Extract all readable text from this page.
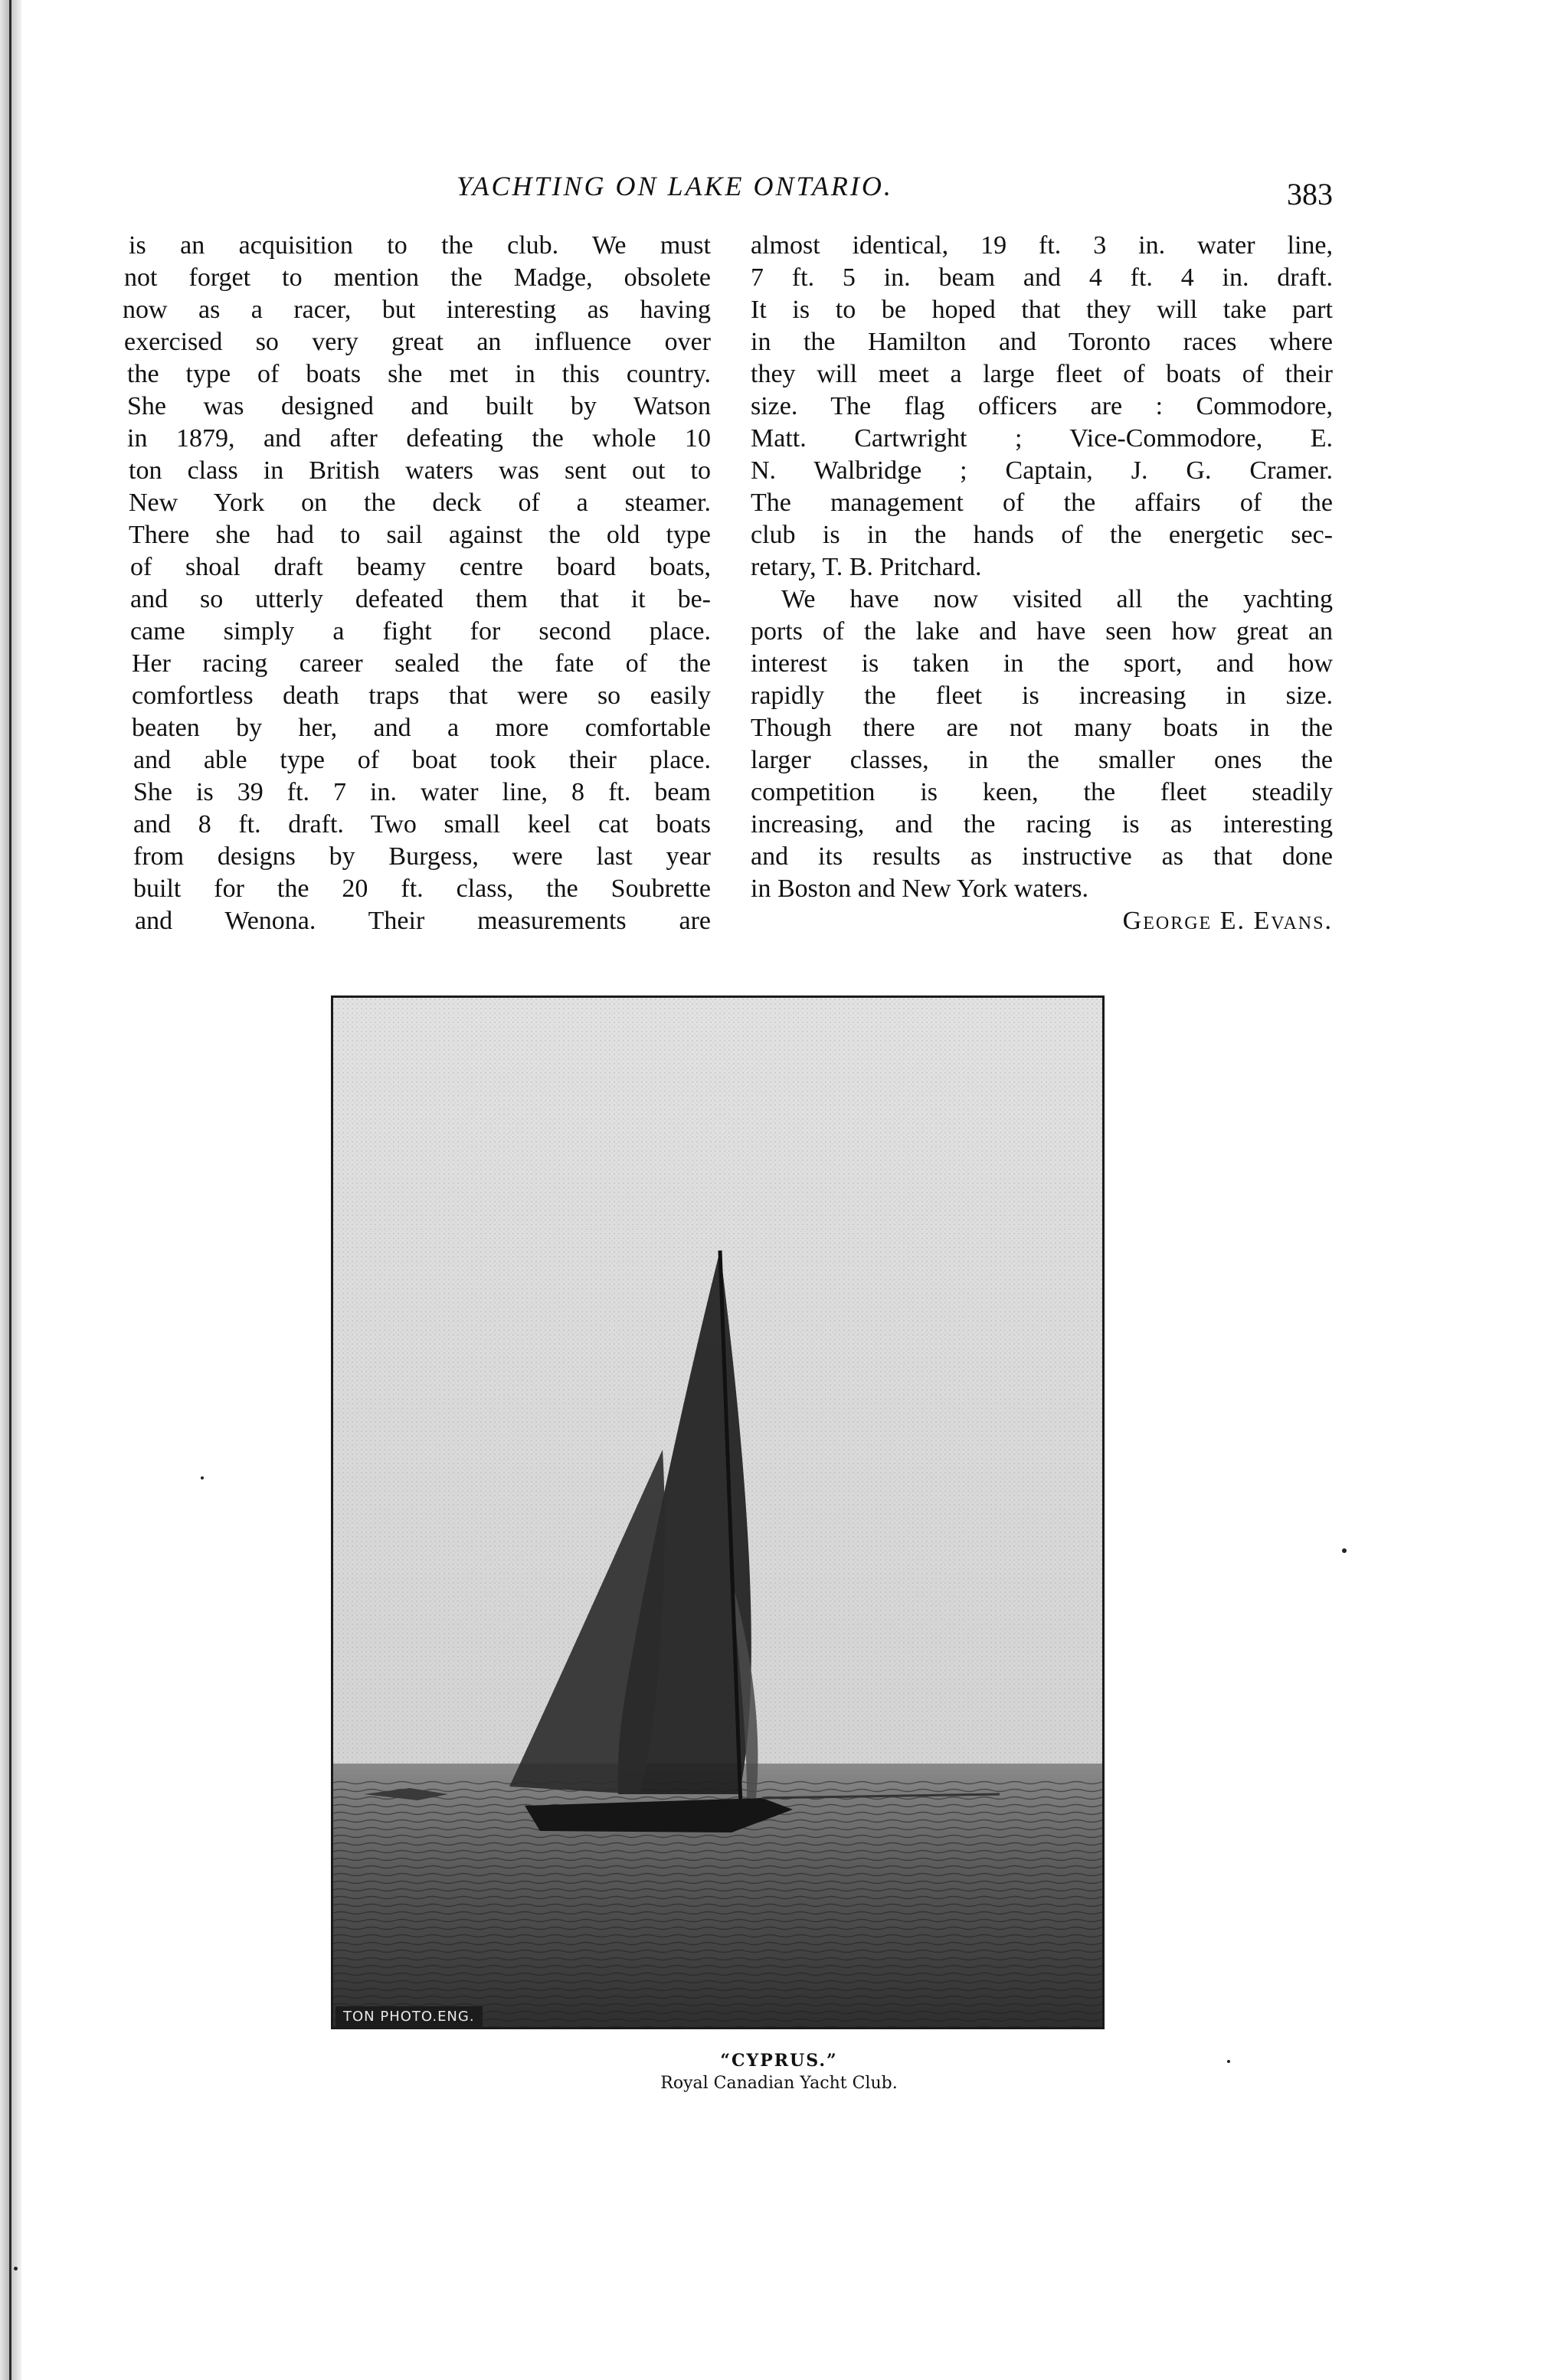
YACHTING ON LAKE ONTARIO.	383
is an acquisition to the club. We must
not forget to mention the Madge, obsolete
now as a racer, but interesting as having
exercised so very great an influence over
the type of boats she met in this country.
She was designed and built by Watson
in 1879, and after defeating the whole 10
ton class in British waters was sent out to
New York on the deck of a steamer.
There she had to sail against the old type
of shoal draft beamy centre board boats,
and so utterly defeated them that it be-
came simply a fight for second place.
Her racing career sealed the fate of the
comfortless death traps that were so easily
beaten by her, and a more comfortable
and able type of boat took their place.
She is 39 ft. 7 in. water line, 8 ft. beam
and 8 ft. draft. Two small keel cat boats
from designs by Burgess, were last year
built for the 20 ft. class, the Soubrette
and Wenona. Their measurements are
almost identical, 19 ft. 3 in. water line,
7 ft. 5 in. beam and 4 ft. 4 in. draft.
It is to be hoped that they will take part
in the Hamilton and Toronto races where
they will meet a large fleet of boats of their
size. The flag officers are : Commodore,
Matt. Cartwright ; Vice-Commodore, E.
N. Walbridge ; Captain, J. G. Cramer.
The management of the affairs of the
club is in the hands of the energetic sec-
retary, T. B. Pritchard.
We have now visited all the yachting
ports of the lake and have seen how great an
interest is taken in the sport, and how
rapidly the fleet is increasing in size.
Though there are not many boats in the
larger classes, in the smaller ones the
competition is keen, the fleet steadily
increasing, and the racing is as interesting
and its results as instructive as that done
in Boston and New York waters.
George E. Evans.
TON PHOTO.ENG.
“CYPRUS.”
Royal Canadian Yacht Club.
